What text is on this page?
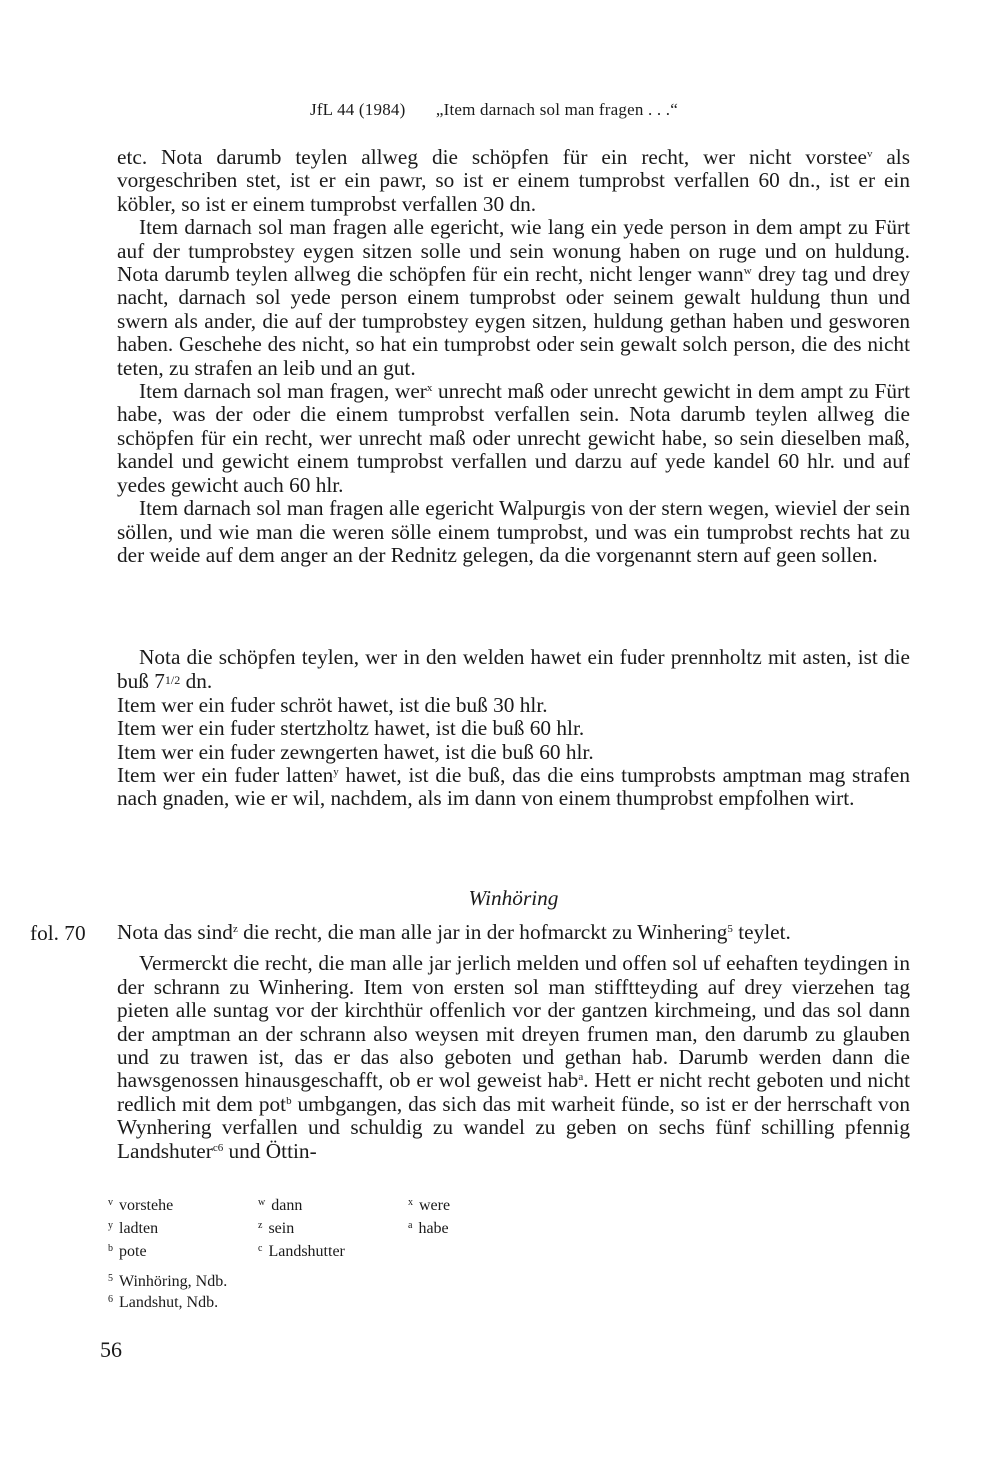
JfL 44 (1984) „Item darnach sol man fragen . . .“

etc. Nota darumb teylen allweg die schöpfen für ein recht, wer nicht vorstee$^v$ als vorgeschriben stet, ist er ein pawr, so ist er einem tumprobst verfallen 60 dn., ist er ein köbler, so ist er einem tumprobst verfallen 30 dn.

Item darnach sol man fragen alle egericht, wie lang ein yede person in dem ampt zu Fürt auf der tumprobstey eygen sitzen solle und sein wonung haben on ruge und on huldung. Nota darumb teylen allweg die schöpfen für ein recht, nicht lenger wann$^w$ drey tag und drey nacht, darnach sol yede person einem tumprobst oder seinem gewalt huldung thun und swern als ander, die auf der tumprobstey eygen sitzen, huldung gethan haben und gesworen haben. Geschehe des nicht, so hat ein tumprobst oder sein gewalt solch person, die des nicht teten, zu strafen an leib und an gut.

Item darnach sol man fragen, wer$^x$ unrecht maß oder unrecht gewicht in dem ampt zu Fürt habe, was der oder die einem tumprobst verfallen sein. Nota darumb teylen allweg die schöpfen für ein recht, wer unrecht maß oder unrecht gewicht habe, so sein dieselben maß, kandel und gewicht einem tumprobst verfallen und darzu auf yede kandel 60 hlr. und auf yedes gewicht auch 60 hlr.

Item darnach sol man fragen alle egericht Walpurgis von der stern wegen, wieviel der sein söllen, und wie man die weren sölle einem tumprobst, und was ein tumprobst rechts hat zu der weide auf dem anger an der Rednitz gelegen, da die vorgenannt stern auf geen sollen.

Nota die schöpfen teylen, wer in den welden hawet ein fuder prennholtz mit asten, ist die buß 71/2 dn.

Item wer ein fuder schröt hawet, ist die buß 30 hlr.

Item wer ein fuder stertzholtz hawet, ist die buß 60 hlr.

Item wer ein fuder zewngerten hawet, ist die buß 60 hlr.

Item wer ein fuder latten$^y$ hawet, ist die buß, das die eins tumprobsts amptman mag strafen nach gnaden, wie er wil, nachdem, als im dann von einem thumprobst empfolhen wirt.

Winhöring
fol. 70 Nota das sind$^z$ die recht, die man alle jar in der hofmarckt zu Winhering$^5$ teylet.

Vermerckt die recht, die man alle jar jerlich melden und offen sol uf eehaften teydingen in der schrann zu Winhering. Item von ersten sol man stifftteyding auf drey vierzehen tag pieten alle suntag vor der kirchthür offenlich vor der gantzen kirchmeing, und das sol dann der amptman an der schrann also weysen mit dreyen frumen man, den darumb zu glauben und zu trawen ist, das er das also geboten und gethan hab. Darumb werden dann die hawsgenossen hinausgeschafft, ob er wol geweist hab$^a$. Hett er nicht recht geboten und nicht redlich mit dem pot$^b$ umbgangen, das sich das mit warheit fünde, so ist er der herrschaft von Wynhering verfallen und schuldig zu wandel zu geben on sechs fünf schilling pfennig Landshuter$^{c6}$ und Öttin-

$^v$ vorstehe	$^w$ dann	$^x$ were
$^y$ ladten	$^z$ sein	$^a$ habe
$^b$ pote	$^c$ Landshutter
$^5$ Winhöring, Ndb.
$^6$ Landshut, Ndb.
56
